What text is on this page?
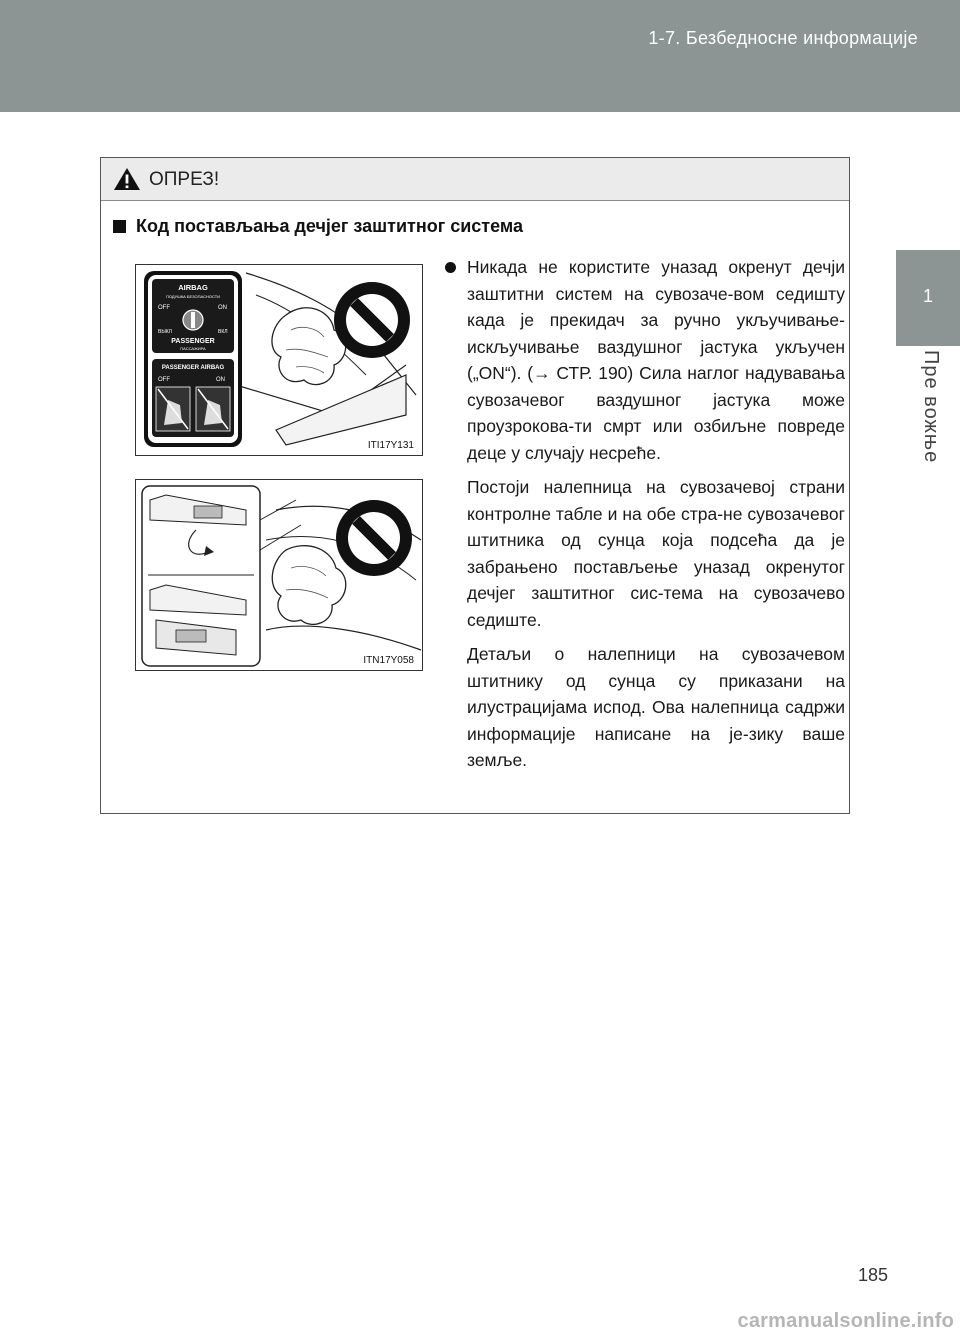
1-7. Безбедносне информације
1
Пре вожње
ОПРЕЗ!
Код постављања дечјег заштитног система
AIRBAG
ПОДУШКА БЕЗОПАСНОСТИ
OFF	ON
ВЫКЛ	ВКЛ
PASSENGER
ПАССАЖИРА
PASSENGER AIRBAG
OFF	ON
ITI17Y131
ITN17Y058

Никада не користите уназад окренут дечји заштитни систем на сувозаче-вом седишту када је прекидач за ручно укључивање-искључивање ваздушног јастука укључен („ON“). (→ СТР. 190) Сила наглог надувавања сувозачевог ваздушног јастука може проузрокова-ти смрт или озбиљне повреде деце у случају несреће.

Постоји налепница на сувозачевој страни контролне табле и на обе стра-не сувозачевог штитника од сунца која подсећа да је забрањено постављење уназад окренутог дечјег заштитног сис-тема на сувозачево седиште.

Детаљи о налепници на сувозачевом штитнику од сунца су приказани на илустрацијама испод. Ова налепница садржи информације написане на је-зику ваше земље.

185
carmanualsonline.info
